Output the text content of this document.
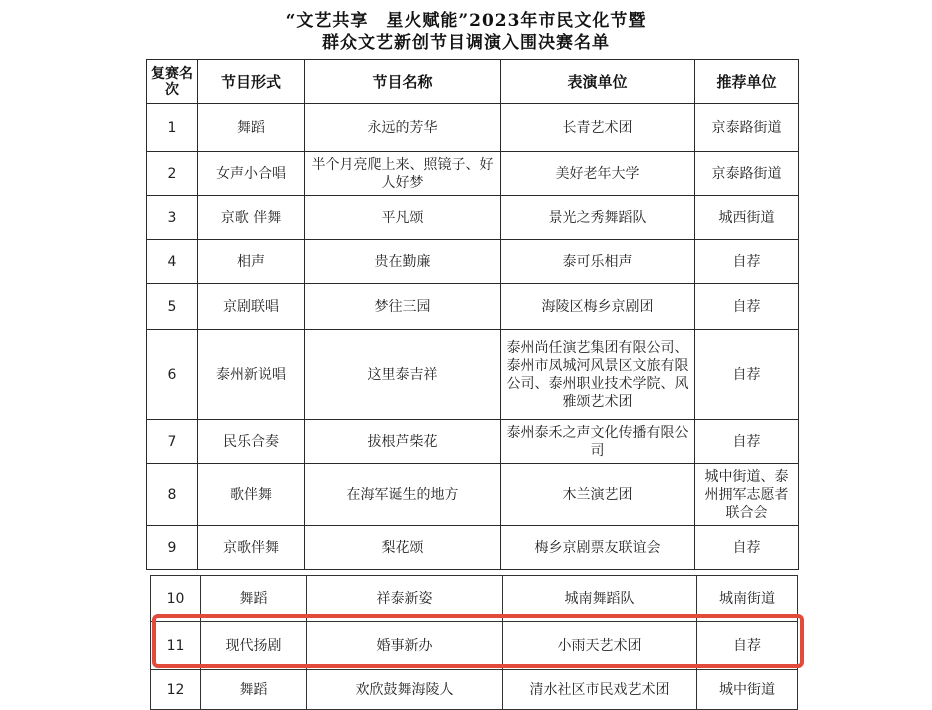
“文艺共享　星火赋能”2023年市民文化节暨
群众文艺新创节目调演入围决赛名单
复赛名次	节目形式	节目名称	表演单位	推荐单位
1	舞蹈	永远的芳华	长青艺术团	京泰路街道
2	女声小合唱	半个月亮爬上来、照镜子、好人好梦	美好老年大学	京泰路街道
3	京歌 伴舞	平凡颂	景光之秀舞蹈队	城西街道
4	相声	贵在勤廉	泰可乐相声	自荐
5	京剧联唱	梦往三园	海陵区梅乡京剧团	自荐
6	泰州新说唱	这里泰吉祥	泰州尚任演艺集团有限公司、泰州市凤城河风景区文旅有限公司、泰州职业技术学院、风雅颂艺术团	自荐
7	民乐合奏	拔根芦柴花	泰州泰禾之声文化传播有限公司	自荐
8	歌伴舞	在海军诞生的地方	木兰演艺团	城中街道、泰州拥军志愿者联合会
9	京歌伴舞	梨花颂	梅乡京剧票友联谊会	自荐
10	舞蹈	祥泰新姿	城南舞蹈队	城南街道
11	现代扬剧	婚事新办	小雨天艺术团	自荐
12	舞蹈	欢欣鼓舞海陵人	清水社区市民戏艺术团	城中街道
